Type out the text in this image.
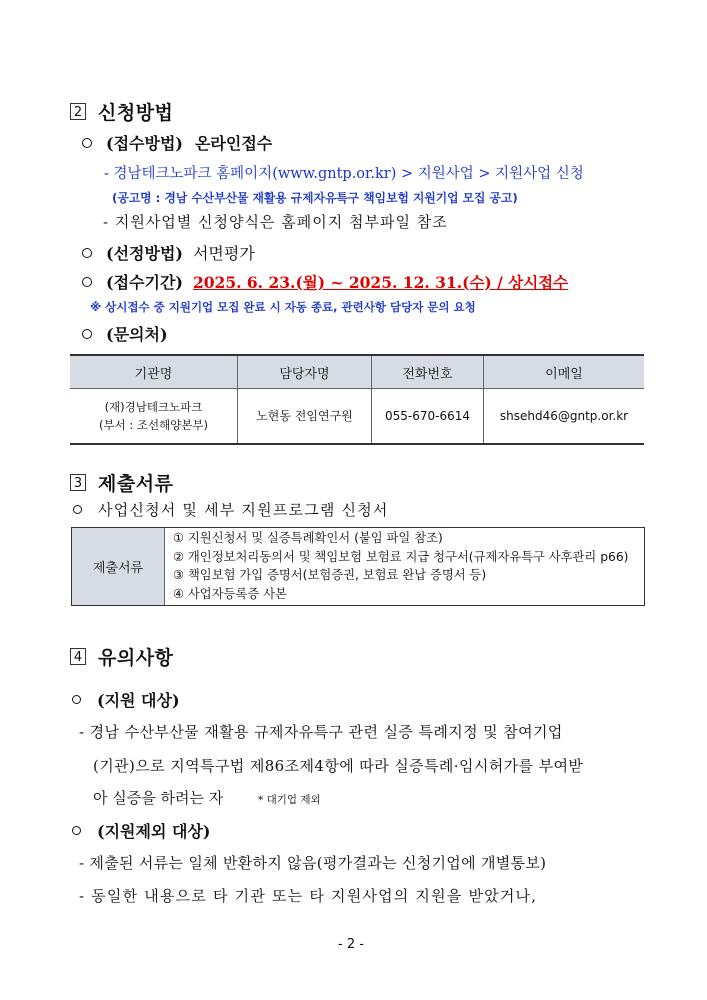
2 신청방법
(접수방법) 온라인접수
- 경남테크노파크 홈페이지(www.gntp.or.kr) > 지원사업 > 지원사업 신청
(공고명 : 경남 수산부산물 재활용 규제자유특구 책임보험 지원기업 모집 공고)
- 지원사업별 신청양식은 홈페이지 첨부파일 참조
(선정방법) 서면평가
(접수기간) 2025. 6. 23.(월) ~ 2025. 12. 31.(수) / 상시접수
※ 상시접수 중 지원기업 모집 완료 시 자동 종료, 관련사항 담당자 문의 요청
(문의처)
기관명	담당자명	전화번호	이메일

(재)경남테크노파크
(부서 : 조선해양본부)	노현동 전임연구원	055-670-6614	shsehd46@gntp.or.kr
3 제출서류
사업신청서 및 세부 지원프로그램 신청서
제출서류
① 지원신청서 및 실증특례확인서 (붙임 파일 참조)
② 개인정보처리동의서 및 책임보험 보험료 지급 청구서(규제자유특구 사후관리 p66)
③ 책임보험 가입 증명서(보험증권, 보험료 완납 증명서 등)
④ 사업자등록증 사본
4 유의사항
(지원 대상)
- 경남 수산부산물 재활용 규제자유특구 관련 실증 특례지정 및 참여기업
(기관)으로 지역특구법 제86조제4항에 따라 실증특례·임시허가를 부여받
아 실증을 하려는 자	* 대기업 제외
(지원제외 대상)
- 제출된 서류는 일체 반환하지 않음(평가결과는 신청기업에 개별통보)
- 동일한 내용으로 타 기관 또는 타 지원사업의 지원을 받았거나,
- 2 -
